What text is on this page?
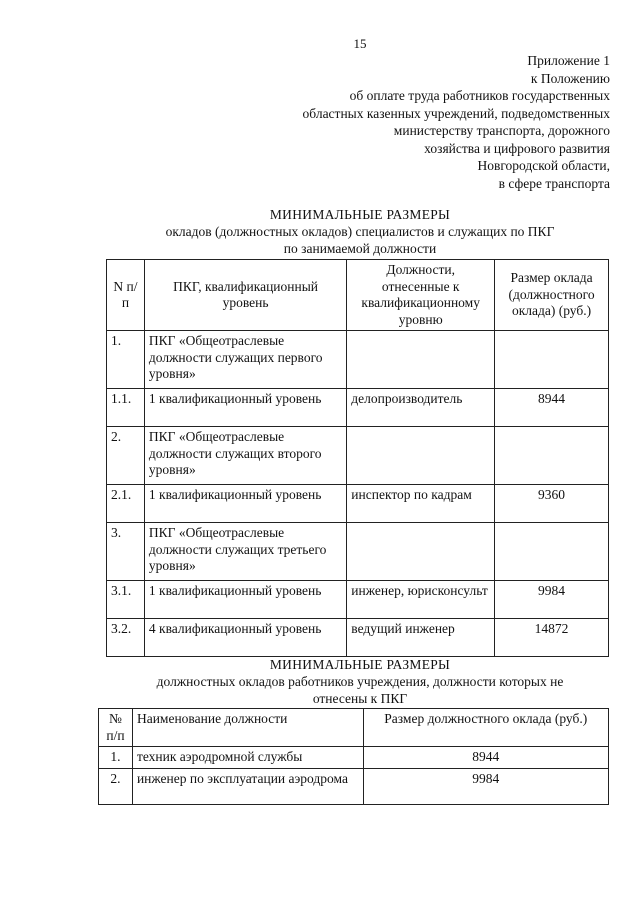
15
Приложение 1
к Положению
об оплате труда работников государственных
областных казенных учреждений, подведомственных
министерству транспорта, дорожного
хозяйства и цифрового развития
Новгородской области,
в сфере транспорта
МИНИМАЛЬНЫЕ РАЗМЕРЫ
окладов (должностных окладов) специалистов и служащих по ПКГ
по занимаемой должности
N п/п	ПКГ, квалификационный уровень	Должности, отнесенные к квалификационному уровню	Размер оклада (должностного оклада) (руб.)
1.	ПКГ «Общеотраслевые должности служащих первого уровня»		
1.1.	1 квалификационный уровень	делопроизводитель	8944
2.	ПКГ «Общеотраслевые должности служащих второго уровня»		
2.1.	1 квалификационный уровень	инспектор по кадрам	9360
3.	ПКГ «Общеотраслевые должности служащих третьего уровня»		
3.1.	1 квалификационный уровень	инженер, юрисконсульт	9984
3.2.	4 квалификационный уровень	ведущий инженер	14872
МИНИМАЛЬНЫЕ РАЗМЕРЫ
должностных окладов работников учреждения, должности которых не
отнесены к ПКГ
№ п/п	Наименование должности	Размер должностного оклада (руб.)
1.	техник аэродромной службы	8944
2.	инженер по эксплуатации аэродрома	9984
